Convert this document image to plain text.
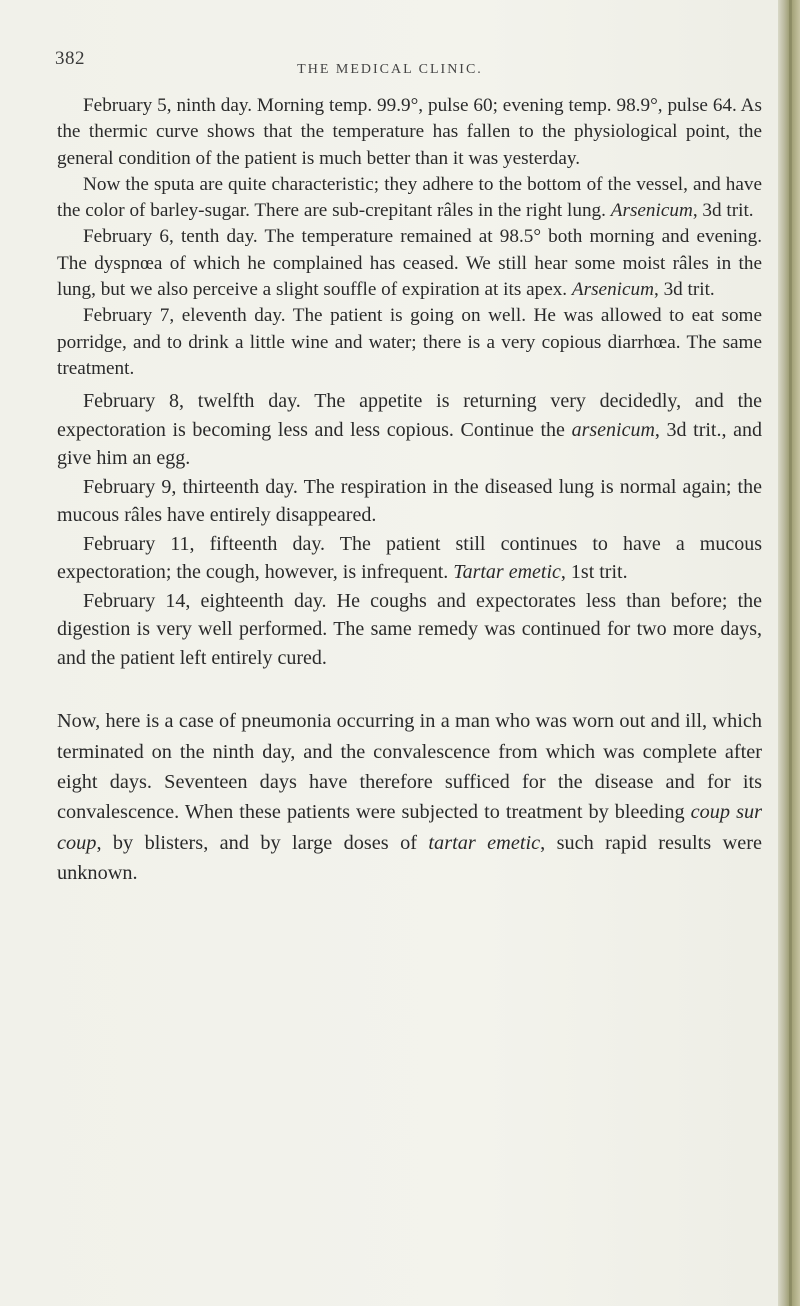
382
THE MEDICAL CLINIC.

February 5, ninth day. Morning temp. 99.9°, pulse 60; evening temp. 98.9°, pulse 64. As the thermic curve shows that the temperature has fallen to the physiological point, the general condition of the patient is much better than it was yesterday.

Now the sputa are quite characteristic; they adhere to the bottom of the vessel, and have the color of barley-sugar. There are sub-crepitant râles in the right lung. Arsenicum, 3d trit.

February 6, tenth day. The temperature remained at 98.5° both morning and evening. The dyspnœa of which he complained has ceased. We still hear some moist râles in the lung, but we also perceive a slight souffle of expiration at its apex. Arsenicum, 3d trit.

February 7, eleventh day. The patient is going on well. He was allowed to eat some porridge, and to drink a little wine and water; there is a very copious diarrhœa. The same treatment.

February 8, twelfth day. The appetite is returning very decidedly, and the expectoration is becoming less and less copious. Continue the arsenicum, 3d trit., and give him an egg.

February 9, thirteenth day. The respiration in the diseased lung is normal again; the mucous râles have entirely disappeared.

February 11, fifteenth day. The patient still continues to have a mucous expectoration; the cough, however, is infrequent. Tartar emetic, 1st trit.

February 14, eighteenth day. He coughs and expectorates less than before; the digestion is very well performed. The same remedy was continued for two more days, and the patient left entirely cured.

Now, here is a case of pneumonia occurring in a man who was worn out and ill, which terminated on the ninth day, and the convalescence from which was complete after eight days. Seventeen days have therefore sufficed for the disease and for its convalescence. When these patients were subjected to treatment by bleeding coup sur coup, by blisters, and by large doses of tartar emetic, such rapid results were unknown.
